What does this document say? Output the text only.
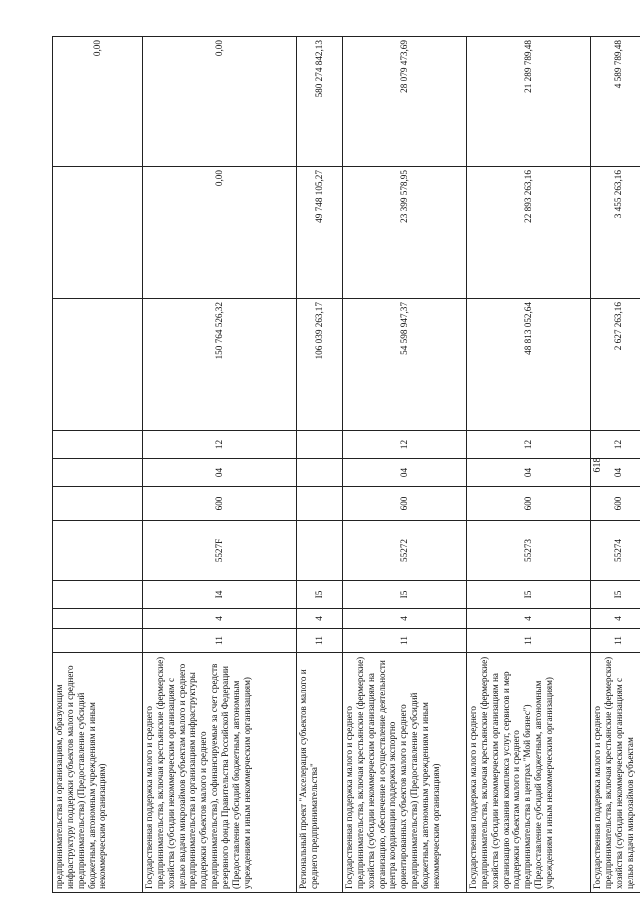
предпринимательства и организациям, образующим инфраструктуру поддержки субъектов малого и среднего предпринимательства) (Предоставление субсидий бюджетным, автономным учреждениям и иным некоммерческим организациям)										0,00
Государственная поддержка малого и среднего предпринимательства, включая крестьянские (фермерские) хозяйства (субсидии некоммерческим организациям с целью выдачи микрозаймов субъектам малого и среднего предпринимательства и организациям инфраструктуры поддержки субъектов малого и среднего предпринимательства), софинансируемые за счет средств резервного фонда Правительства Российской Федерации (Предоставление субсидий бюджетным, автономным учреждениям и иным некоммерческим организациям)	11	4	I4	5527F	600	04	12	150 764 526,32	0,00	0,00
Региональный проект "Акселерация субъектов малого и среднего предпринимательства"	11	4	I5					106 039 263,17	49 748 105,27	580 274 842,13
Государственная поддержка малого и среднего предпринимательства, включая крестьянские (фермерские) хозяйства (субсидии некоммерческим организациям на организацию, обеспечение и осуществление деятельности центра координации поддержки экспортно ориентированных субъектов малого и среднего предпринимательства) (Предоставление субсидий бюджетным, автономным учреждениям и иным некоммерческим организациям)	11	4	I5	55272	600	04	12	54 598 947,37	23 399 578,95	28 079 473,69
Государственная поддержка малого и среднего предпринимательства, включая крестьянские (фермерские) хозяйства (субсидии некоммерческим организациям на организацию оказания комплекса услуг, сервисов и мер поддержки субъектам малого и среднего предпринимательства в центрах "Мой бизнес") (Предоставление субсидий бюджетным, автономным учреждениям и иным некоммерческим организациям)	11	4	I5	55273	600	04	12	48 813 052,64	22 893 263,16	21 289 789,48
Государственная поддержка малого и среднего предпринимательства, включая крестьянские (фермерские) хозяйства (субсидии некоммерческим организациям с целью выдачи микрозаймов субъектам	11	4	I5	55274	600	04	12	2 627 263,16	3 455 263,16	4 589 789,48
618
